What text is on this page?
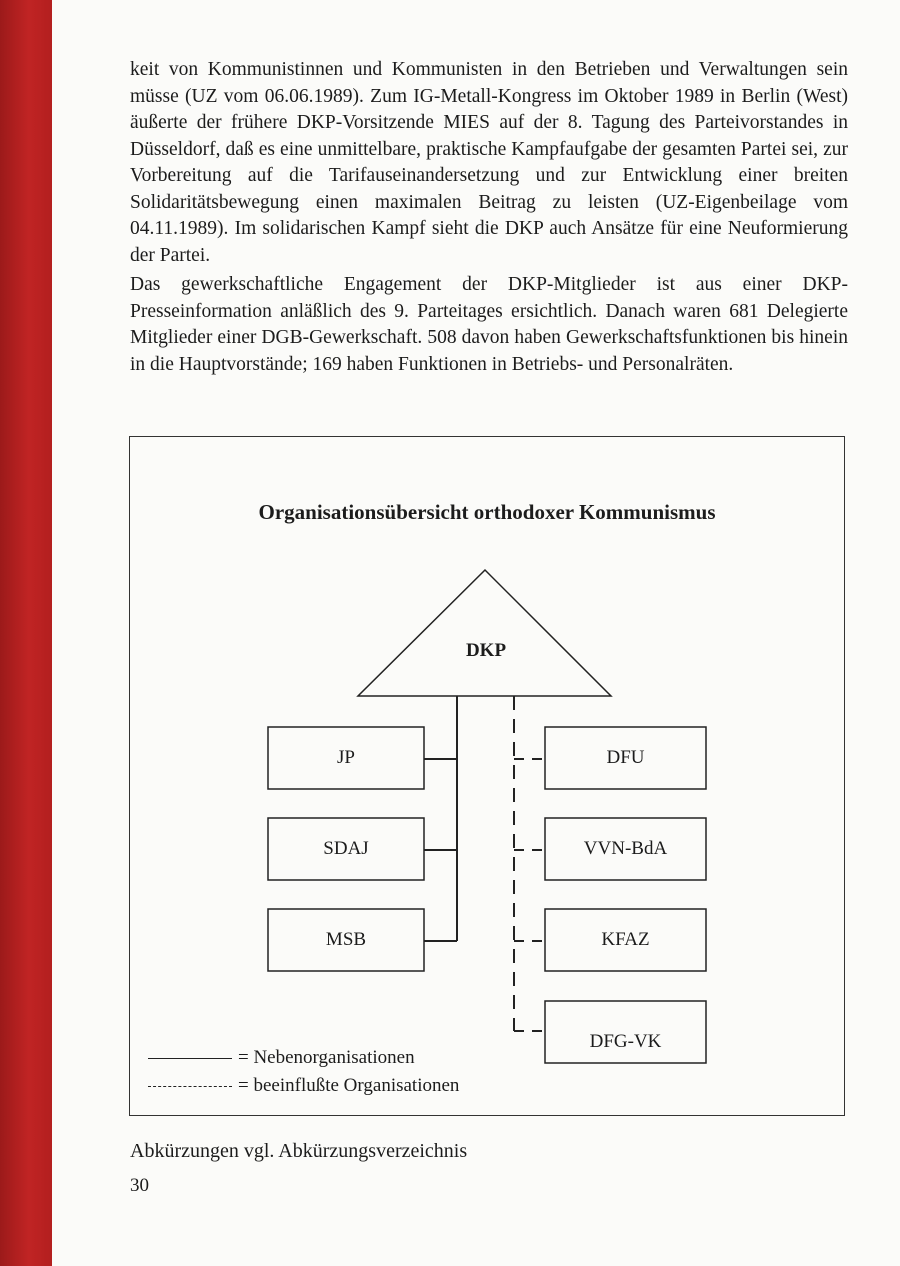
keit von Kommunistinnen und Kommunisten in den Betrieben und Verwaltungen sein müsse (UZ vom 06.06.1989). Zum IG-Metall-Kongress im Oktober 1989 in Berlin (West) äußerte der frühere DKP-Vorsitzende MIES auf der 8. Tagung des Parteivorstandes in Düsseldorf, daß es eine unmittelbare, praktische Kampfaufgabe der gesamten Partei sei, zur Vorbereitung auf die Tarifauseinandersetzung und zur Entwicklung einer breiten Solidaritätsbewegung einen maximalen Beitrag zu leisten (UZ-Eigenbeilage vom 04.11.1989). Im solidarischen Kampf sieht die DKP auch Ansätze für eine Neuformierung der Partei.

Das gewerkschaftliche Engagement der DKP-Mitglieder ist aus einer DKP-Presseinformation anläßlich des 9. Parteitages ersichtlich. Danach waren 681 Delegierte Mitglieder einer DGB-Gewerkschaft. 508 davon haben Gewerkschaftsfunktionen bis hinein in die Hauptvorstände; 169 haben Funktionen in Betriebs- und Personalräten.

Organisationsübersicht orthodoxer Kommunismus
DKP
JP
SDAJ
MSB
DFU
VVN-BdA
KFAZ
DFG-VK
= Nebenorganisationen
= beeinflußte Organisationen
Abkürzungen vgl. Abkürzungsverzeichnis
30
